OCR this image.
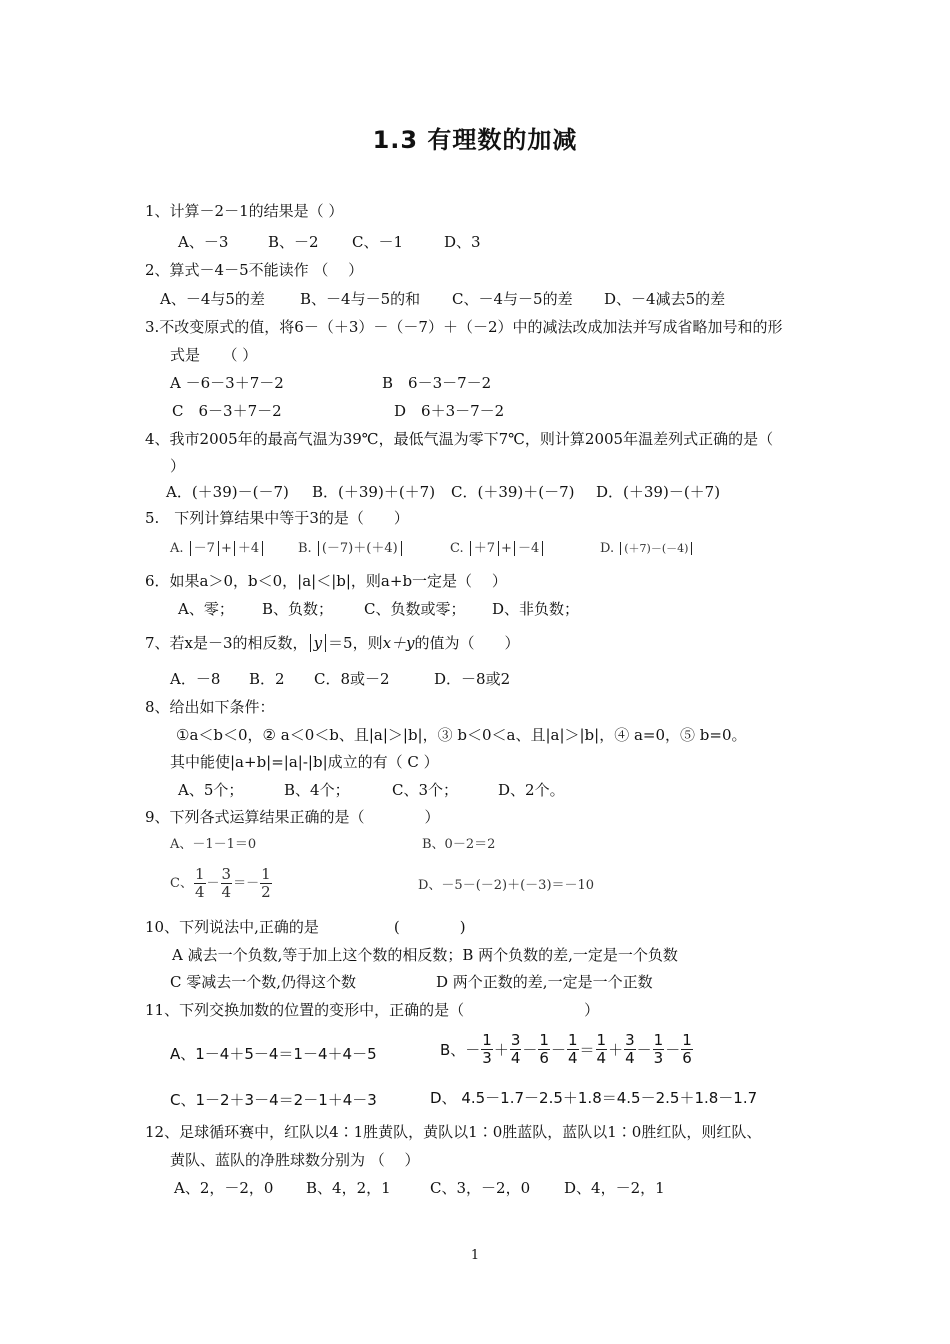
1.3 有理数的加减
1、计算－2－1的结果是（ ）
A、－3	B、－2 C、－1	D、3
2、算式－4－5不能读作 （　 ）
A、－4与5的差 B、－4与－5的和 C、－4与－5的差 D、－4减去5的差
3.不改变原式的值，将6－（＋3）－（－7）＋（－2）中的减法改成加法并写成省略加号和的形
式是　　（ ）
A －6－3＋7－2	B　6－3－7－2
C　6－3＋7－2	D　6＋3－7－2
4、我市2005年的最高气温为39℃，最低气温为零下7℃，则计算2005年温差列式正确的是（
）
A．(＋39)－(－7) B．(＋39)＋(＋7) C．(＋39)＋(－7) D．(＋39)－(＋7)
5.　下列计算结果中等于3的是（　　）
A. －7 + ＋4	B. (－7)＋(＋4)	C. ＋7 + －4	D. (＋7)－(－4)
6．如果a＞0，b＜0，|a|＜|b|，则a+b一定是（　 ）
A、零； B、负数； C、负数或零； D、非负数；
7、若x是－3的相反数， y ＝5，则x＋y的值为（　　）
A．－8 B．2 C．8或－2	D．－8或2
8、给出如下条件：
①a＜b＜0，② a＜0＜b、且|a|＞|b|，③ b＜0＜a、且|a|＞|b|，④ a=0，⑤ b=0。
其中能使|a+b|=|a|-|b|成立的有（ C ）
A、5个；	B、4个；	C、3个；	D、2个。
9、下列各式运算结果正确的是（　　　　）
A、－1－1＝0	B、0－2＝2
C、 $\frac{1}{4} - \frac{3}{4} =- \frac{1}{2}$	D、－5－(－2)＋(－3)＝－10
10、下列说法中,正确的是　　　　　(　　　　)
A 减去一个负数,等于加上这个数的相反数；B 两个负数的差,一定是一个负数
C 零减去一个数,仍得这个数	D 两个正数的差,一定是一个正数
11、下列交换加数的位置的变形中，正确的是（　　　　　　　　）
A、1－4＋5－4＝1－4＋4－5	B、－ $\frac{1}{3} + \frac{3}{4} - \frac{1}{6} - \frac{1}{4} = \frac{1}{4} + \frac{3}{4} - \frac{1}{3} - \frac{1}{6}$
C、1－2＋3－4＝2－1＋4－3	D、 4.5－1.7－2.5＋1.8＝4.5－2.5＋1.8－1.7
12、足球循环赛中，红队以4∶1胜黄队，黄队以1∶0胜蓝队，蓝队以1∶0胜红队，则红队、
黄队、蓝队的净胜球数分别为 （　 ）
A、2，－2，0 B、4，2，1	C、3，－2，0 D、4，－2，1
1
